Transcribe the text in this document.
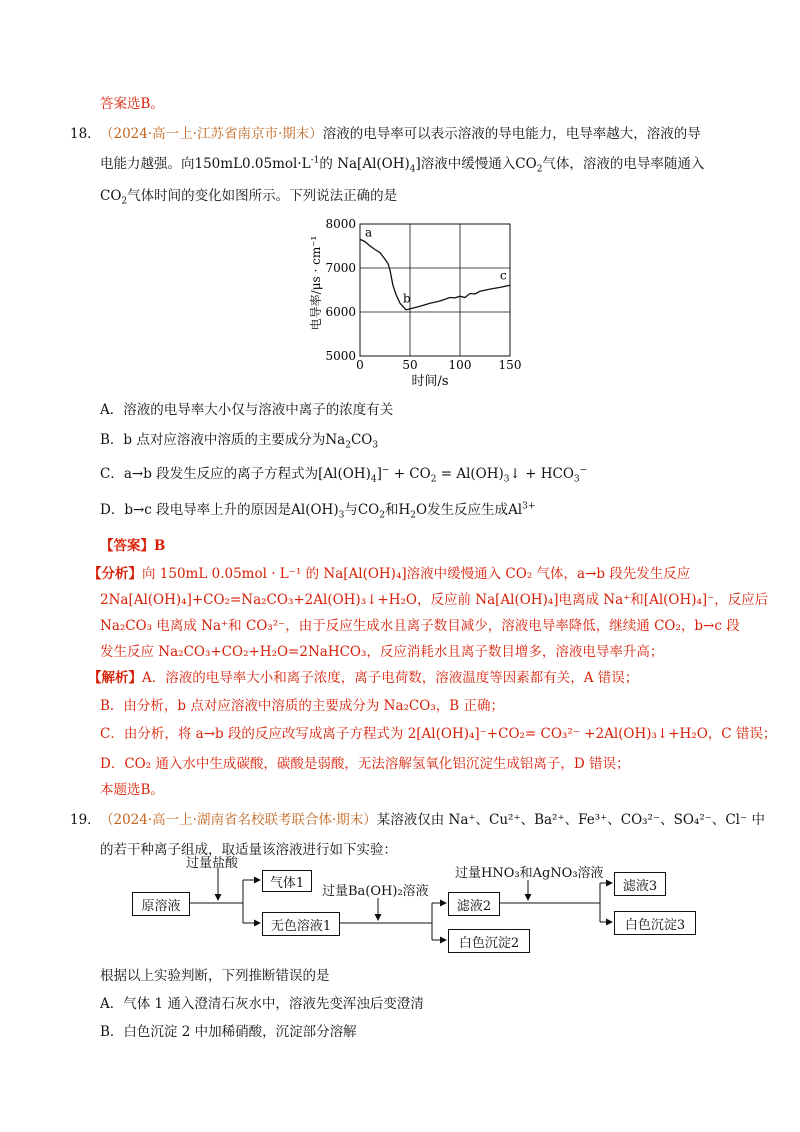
答案选B。
18． （2024·高一上·江苏省南京市·期末）溶液的电导率可以表示溶液的导电能力，电导率越大，溶液的导
电能力越强。向$150mL0.05mol\cdot L^{-1}$的 $Na[Al(OH)_4]$溶液中缓慢通入$CO_2$气体，溶液的电导率随通入
$CO_2$气体时间的变化如图所示。下列说法正确的是
0	50	100 150
5000
6000
7000
8000
a
b
c
时间/s
电导率/μs · cm⁻¹
A．溶液的电导率大小仅与溶液中离子的浓度有关
B．b 点对应溶液中溶质的主要成分为$Na_2CO_3$
C．a→b 段发生反应的离子方程式为$[Al(OH)_4]^- + CO_2$ = $Al(OH)_3↓ + HCO_3^-$
D．b→c 段电导率上升的原因是$Al(OH)_3$与$CO_2$和$H_2O$发生反应生成$Al^{3+}$
【答案】B
【分析】向 150mL 0.05mol · L⁻¹ 的 Na[Al(OH)₄]溶液中缓慢通入 CO₂ 气体，a→b 段先发生反应
2Na[Al(OH)₄]+CO₂=Na₂CO₃+2Al(OH)₃↓+H₂O，反应前 Na[Al(OH)₄]电离成 Na⁺和[Al(OH)₄]⁻，反应后
Na₂CO₃ 电离成 Na⁺和 CO₃²⁻，由于反应生成水且离子数目减少，溶液电导率降低，继续通 CO₂，b→c 段
发生反应 Na₂CO₃+CO₂+H₂O=2NaHCO₃，反应消耗水且离子数目增多，溶液电导率升高；
【解析】A．溶液的电导率大小和离子浓度，离子电荷数，溶液温度等因素都有关，A 错误；
B．由分析，b 点对应溶液中溶质的主要成分为 Na₂CO₃，B 正确；
C．由分析，将 a→b 段的反应改写成离子方程式为 2[Al(OH)₄]⁻+CO₂= CO₃²⁻ +2Al(OH)₃↓+H₂O，C 错误；
D．CO₂ 通入水中生成碳酸，碳酸是弱酸，无法溶解氢氧化铝沉淀生成铝离子，D 错误；
本题选B。
19． （2024·高一上·湖南省名校联考联合体·期末）某溶液仅由 Na⁺、Cu²⁺、Ba²⁺、Fe³⁺、CO₃²⁻、SO₄²⁻、Cl⁻ 中
的若干种离子组成，取适量该溶液进行如下实验：
过量盐酸
过量Ba(OH)₂溶液
过量HNO₃和AgNO₃溶液
原溶液
气体1
无色溶液1
滤液2
白色沉淀2
滤液3
白色沉淀3
根据以上实验判断，下列推断错误的是
A．气体 1 通入澄清石灰水中，溶液先变浑浊后变澄清
B．白色沉淀 2 中加稀硝酸，沉淀部分溶解
